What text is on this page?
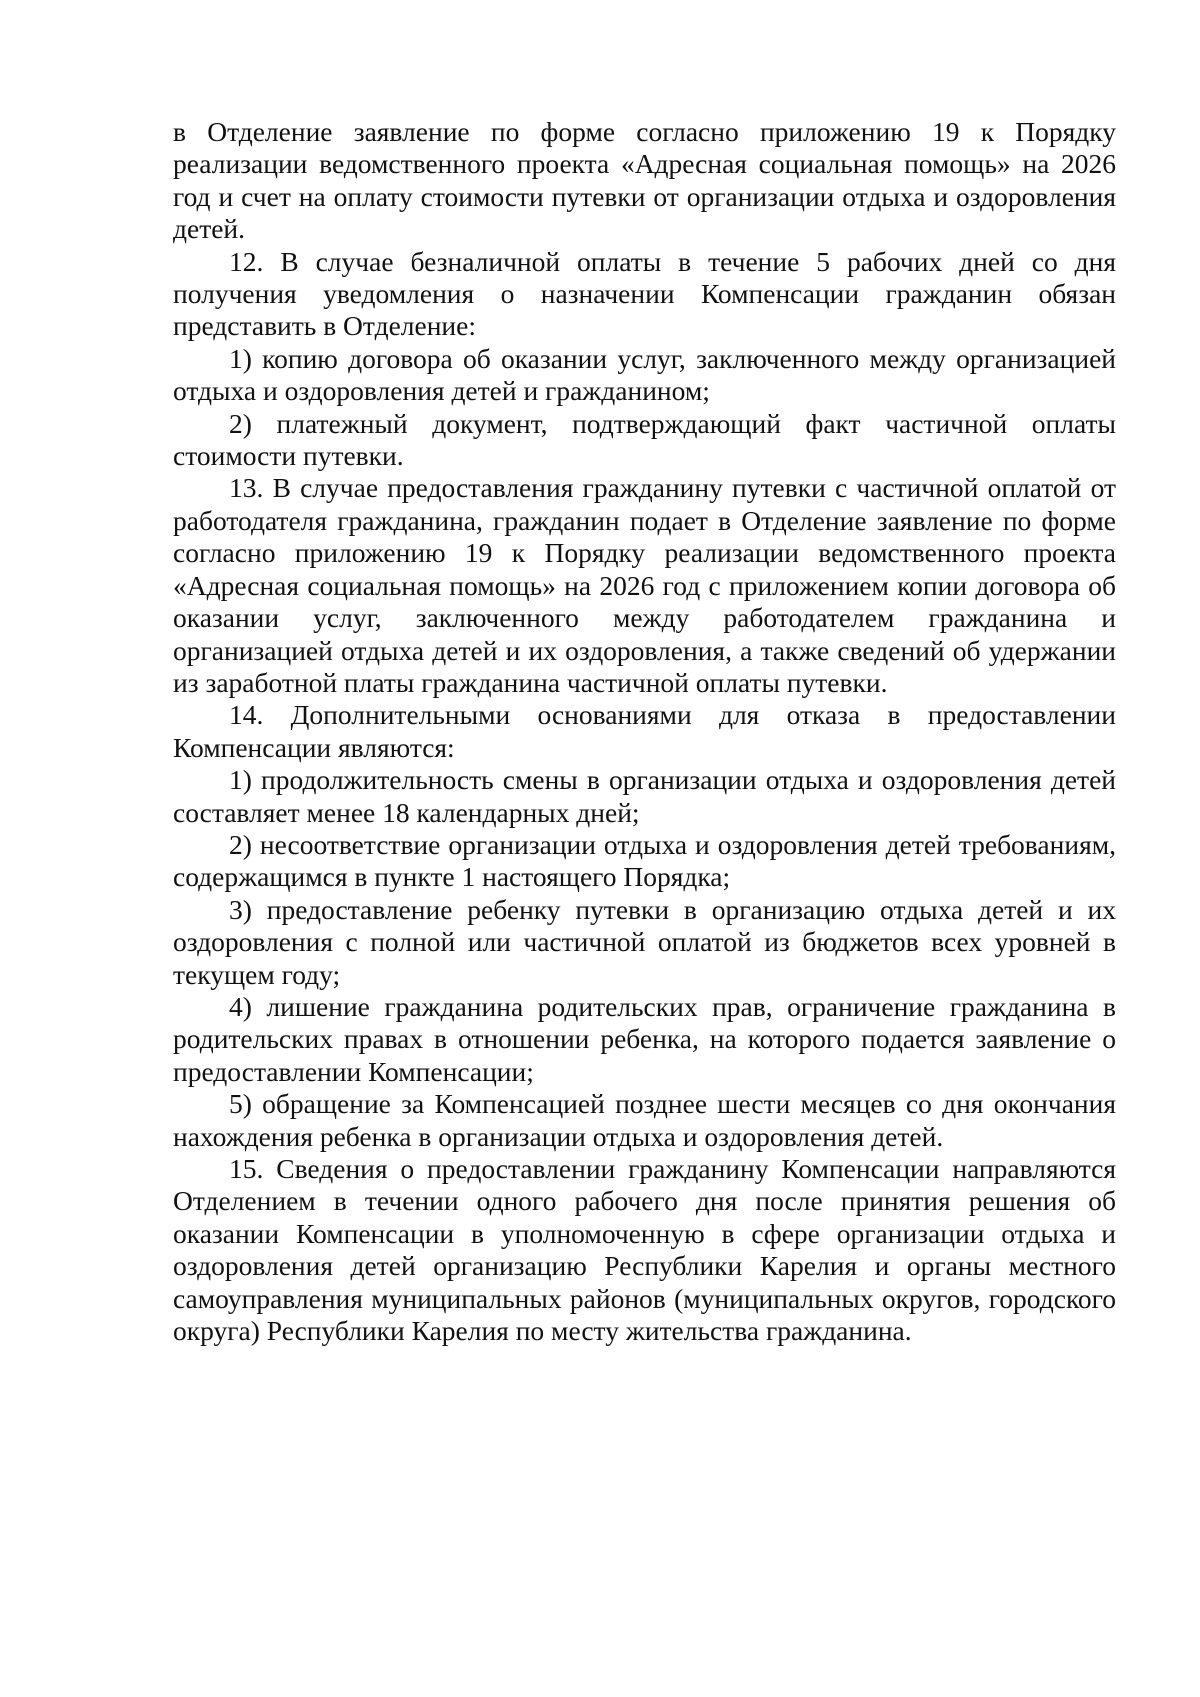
в Отделение заявление по форме согласно приложению 19 к Порядку реализации ведомственного проекта «Адресная социальная помощь» на 2026 год и счет на оплату стоимости путевки от организации отдыха и оздоровления детей.

12. В случае безналичной оплаты в течение 5 рабочих дней со дня получения уведомления о назначении Компенсации гражданин обязан представить в Отделение:

1) копию договора об оказании услуг, заключенного между организацией отдыха и оздоровления детей и гражданином;

2) платежный документ, подтверждающий факт частичной оплаты стоимости путевки.

13. В случае предоставления гражданину путевки с частичной оплатой от работодателя гражданина, гражданин подает в Отделение заявление по форме согласно приложению 19 к Порядку реализации ведомственного проекта «Адресная социальная помощь» на 2026 год с приложением копии договора об оказании услуг, заключенного между работодателем гражданина и организацией отдыха детей и их оздоровления, а также сведений об удержании из заработной платы гражданина частичной оплаты путевки.

14. Дополнительными основаниями для отказа в предоставлении Компенсации являются:

1) продолжительность смены в организации отдыха и оздоровления детей составляет менее 18 календарных дней;

2) несоответствие организации отдыха и оздоровления детей требованиям, содержащимся в пункте 1 настоящего Порядка;

3) предоставление ребенку путевки в организацию отдыха детей и их оздоровления с полной или частичной оплатой из бюджетов всех уровней в текущем году;

4) лишение гражданина родительских прав, ограничение гражданина в родительских правах в отношении ребенка, на которого подается заявление о предоставлении Компенсации;

5) обращение за Компенсацией позднее шести месяцев со дня окончания нахождения ребенка в организации отдыха и оздоровления детей.

15. Сведения о предоставлении гражданину Компенсации направляются Отделением в течении одного рабочего дня после принятия решения об оказании Компенсации в уполномоченную в сфере организации отдыха и оздоровления детей организацию Республики Карелия и органы местного самоуправления муниципальных районов (муниципальных округов, городского округа) Республики Карелия по месту жительства гражданина.
